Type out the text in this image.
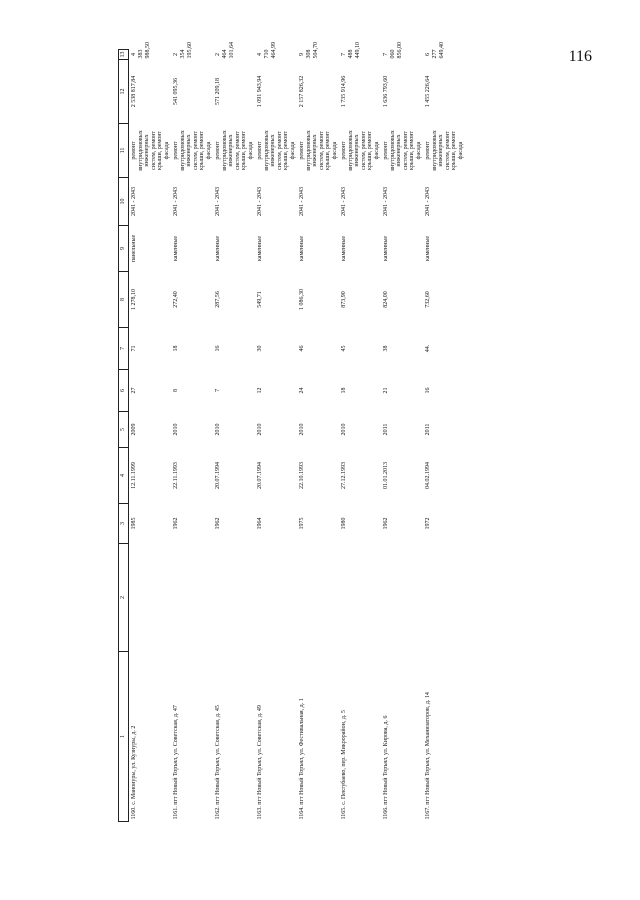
116
1	2	3	4	5	6	7	8	9	10	11	12	13
1160. с. Маноиуры, ул. Кузнуры, д. 2		1985	12.11.1999	2009	27	71	1 278,10	панельные	2041 - 2043	ремонт внутридомовых инженерных систем, ремонт крыши, ремонт фасада	2 538 817,84	4 383 988,50
1161. пгт Новый Торъял, ул. Советская, д. 47		1962	22.11.1993	2010	8	18	272,40	каменные	2041 - 2043	ремонт внутридомовых инженерных систем, ремонт крыши, ремонт фасада	541 095,36	2 354 195,60
1162. пгт Новый Торъял, ул. Советская, д. 45		1962	20.07.1994	2010	7	16	287,56	каменные	2041 - 2043	ремонт внутридомовых инженерных систем, ремонт крыши, ремонт фасада	571 209,18	2 464 101,64
1163. пгт Новый Торъял, ул. Советская, д. 49		1964	20.07.1994	2010	12	30	549,71	каменные	2041 - 2043	ремонт внутридомовых инженерных систем, ремонт крыши, ремонт фасада	1 091 943,94	4 710 464,99
1164. пгт Новый Торъял, ул. Фестивальная, д. 1		1975	22.10.1993	2010	24	46	1 086,30	каменные	2041 - 2043	ремонт внутридомовых инженерных систем, ремонт крыши, ремонт фасада	2 157 826,32	9 308 504,70
1165. с. Пектубаево, пер. Микрорайон, д. 5		1980	27.12.1993	2010	18	45	873,90	каменные	2041 - 2043	ремонт внутридомовых инженерных систем, ремонт крыши, ремонт фасада	1 735 914,96	7 488 449,10
1166. пгт Новый Торъял, ул. Кирова, д. 6		1962	01.01.2013	2011	21	38	824,00	каменные	2041 - 2043	ремонт внутридомовых инженерных систем, ремонт крыши, ремонт фасада	1 636 793,60	7 060 856,00
1167. пгт Новый Торъял, ул. Механизаторов, д. 14		1972	04.02.1994	2011	16	44.	732,60	каменные	2041 - 2043	ремонт внутридомовых инженерных систем, ремонт крыши, ремонт фасада	1 455 226,64	6 277 649,40
